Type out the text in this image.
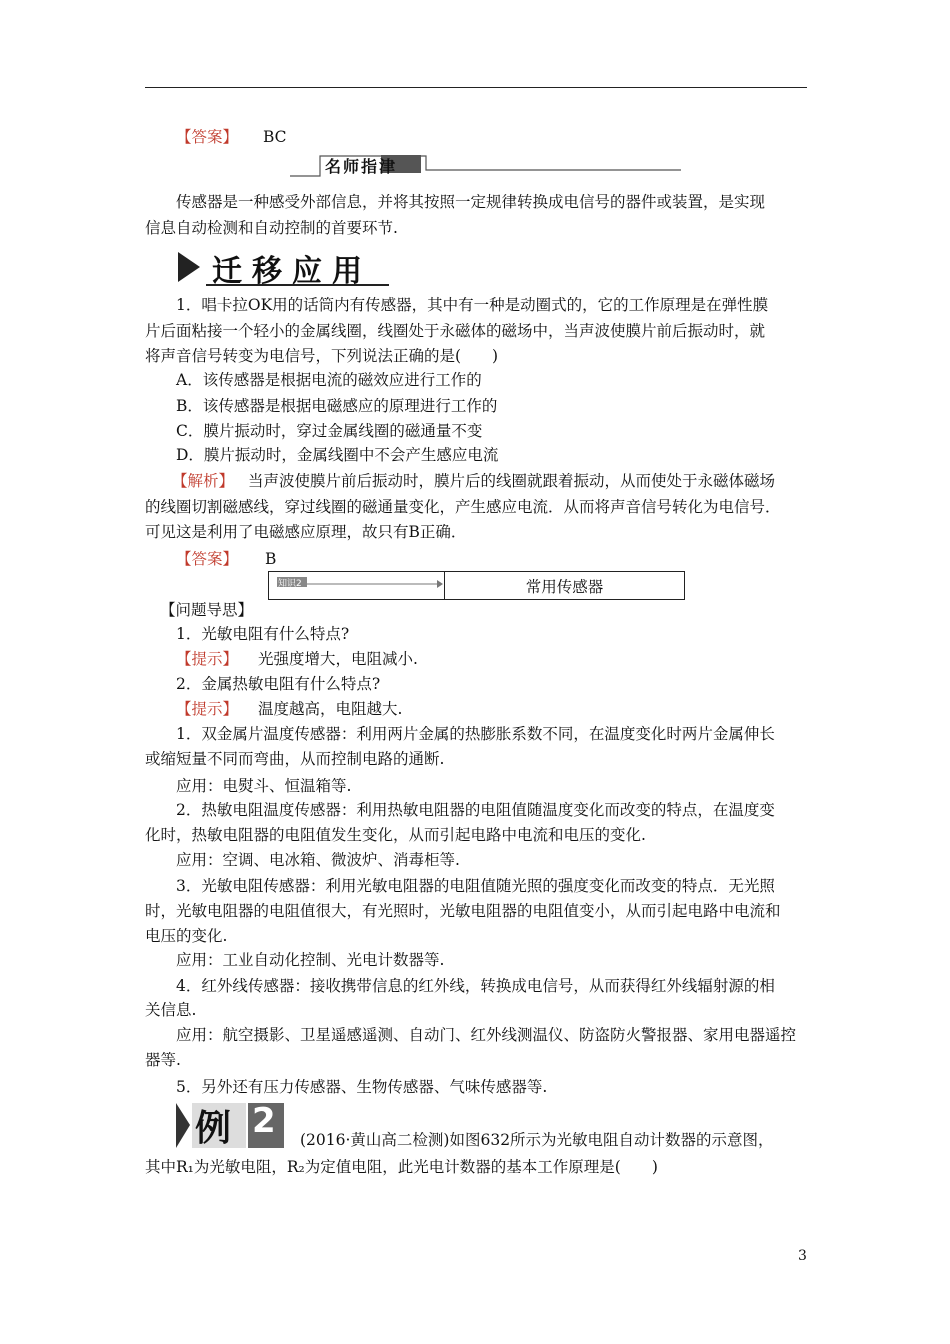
【答案】 BC
名师指津
传感器是一种感受外部信息，并将其按照一定规律转换成电信号的器件或装置，是实现
信息自动检测和自动控制的首要环节.
迁移应用
1．唱卡拉OK用的话筒内有传感器，其中有一种是动圈式的，它的工作原理是在弹性膜
片后面粘接一个轻小的金属线圈，线圈处于永磁体的磁场中，当声波使膜片前后振动时，就
将声音信号转变为电信号，下列说法正确的是(　　)
A．该传感器是根据电流的磁效应进行工作的
B．该传感器是根据电磁感应的原理进行工作的
C．膜片振动时，穿过金属线圈的磁通量不变
D．膜片振动时，金属线圈中不会产生感应电流
【解析】 当声波使膜片前后振动时，膜片后的线圈就跟着振动，从而使处于永磁体磁场
的线圈切割磁感线，穿过线圈的磁通量变化，产生感应电流．从而将声音信号转化为电信号．
可见这是利用了电磁感应原理，故只有B正确．
【答案】 B
知识2	常用传感器
【问题导思】
1．光敏电阻有什么特点?
【提示】 光强度增大，电阻减小.
2．金属热敏电阻有什么特点?
【提示】 温度越高，电阻越大.
1．双金属片温度传感器：利用两片金属的热膨胀系数不同，在温度变化时两片金属伸长
或缩短量不同而弯曲，从而控制电路的通断.
应用：电熨斗、恒温箱等.
2．热敏电阻温度传感器：利用热敏电阻器的电阻值随温度变化而改变的特点，在温度变
化时，热敏电阻器的电阻值发生变化，从而引起电路中电流和电压的变化.
应用：空调、电冰箱、微波炉、消毒柜等.
3．光敏电阻传感器：利用光敏电阻器的电阻值随光照的强度变化而改变的特点．无光照
时，光敏电阻器的电阻值很大，有光照时，光敏电阻器的电阻值变小，从而引起电路中电流和
电压的变化.
应用：工业自动化控制、光电计数器等.
4．红外线传感器：接收携带信息的红外线，转换成电信号，从而获得红外线辐射源的相
关信息.
应用：航空摄影、卫星遥感遥测、自动门、红外线测温仪、防盗防火警报器、家用电器遥控
器等.
5．另外还有压力传感器、生物传感器、气味传感器等.
例 2 (2016·黄山高二检测)如图632所示为光敏电阻自动计数器的示意图，
其中R₁为光敏电阻，R₂为定值电阻，此光电计数器的基本工作原理是(　　)
3
